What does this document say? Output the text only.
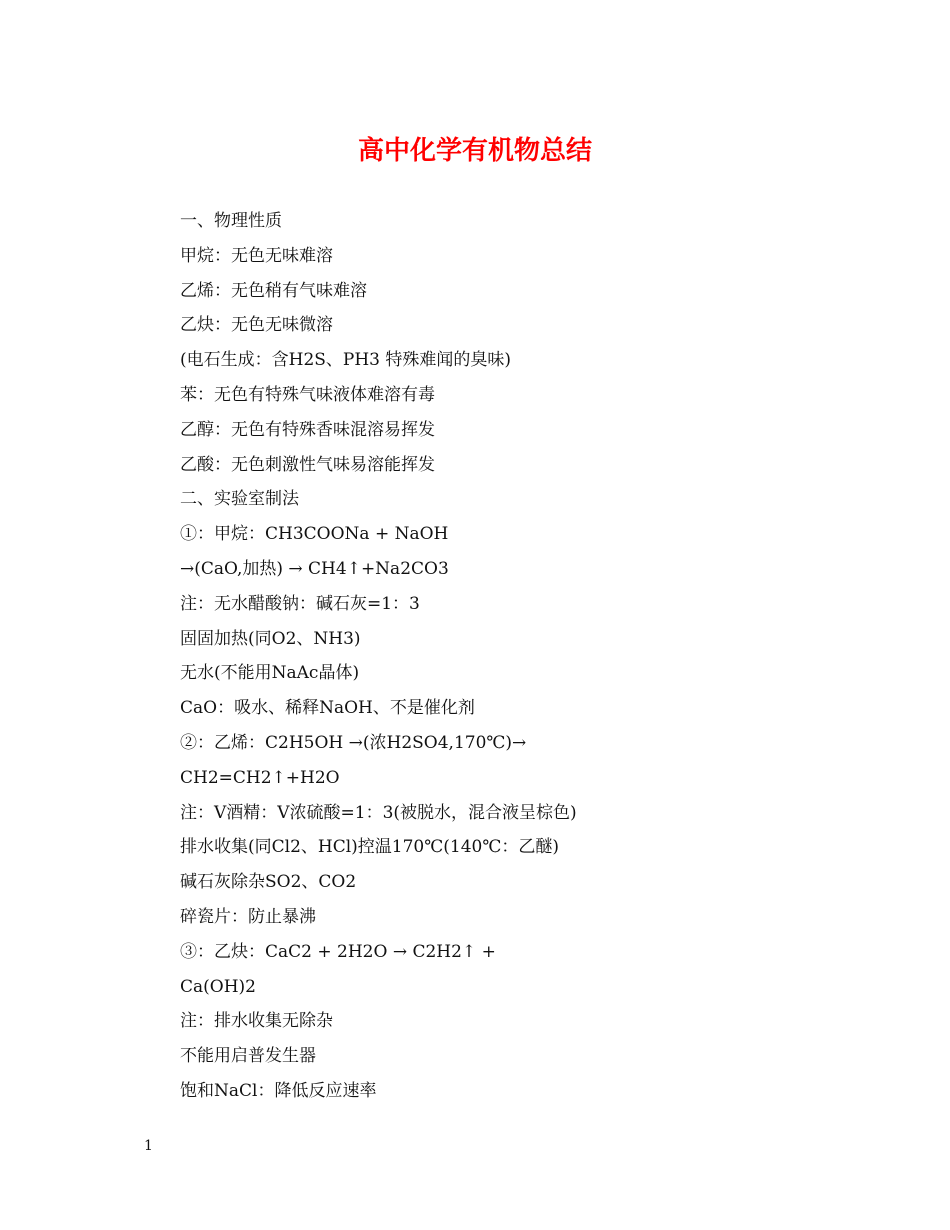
高中化学有机物总结
一、物理性质
甲烷：无色无味难溶
乙烯：无色稍有气味难溶
乙炔：无色无味微溶
(电石生成：含H2S、PH3 特殊难闻的臭味)
苯：无色有特殊气味液体难溶有毒
乙醇：无色有特殊香味混溶易挥发
乙酸：无色刺激性气味易溶能挥发
二、实验室制法
①：甲烷：CH3COONa + NaOH
→(CaO,加热) → CH4↑+Na2CO3
注：无水醋酸钠：碱石灰=1：3
固固加热(同O2、NH3)
无水(不能用NaAc晶体)
CaO：吸水、稀释NaOH、不是催化剂
②：乙烯：C2H5OH →(浓H2SO4,170℃)→
CH2=CH2↑+H2O
注：V酒精：V浓硫酸=1：3(被脱水，混合液呈棕色)
排水收集(同Cl2、HCl)控温170℃(140℃：乙醚)
碱石灰除杂SO2、CO2
碎瓷片：防止暴沸
③：乙炔：CaC2 + 2H2O → C2H2↑ +
Ca(OH)2
注：排水收集无除杂
不能用启普发生器
饱和NaCl：降低反应速率
1
